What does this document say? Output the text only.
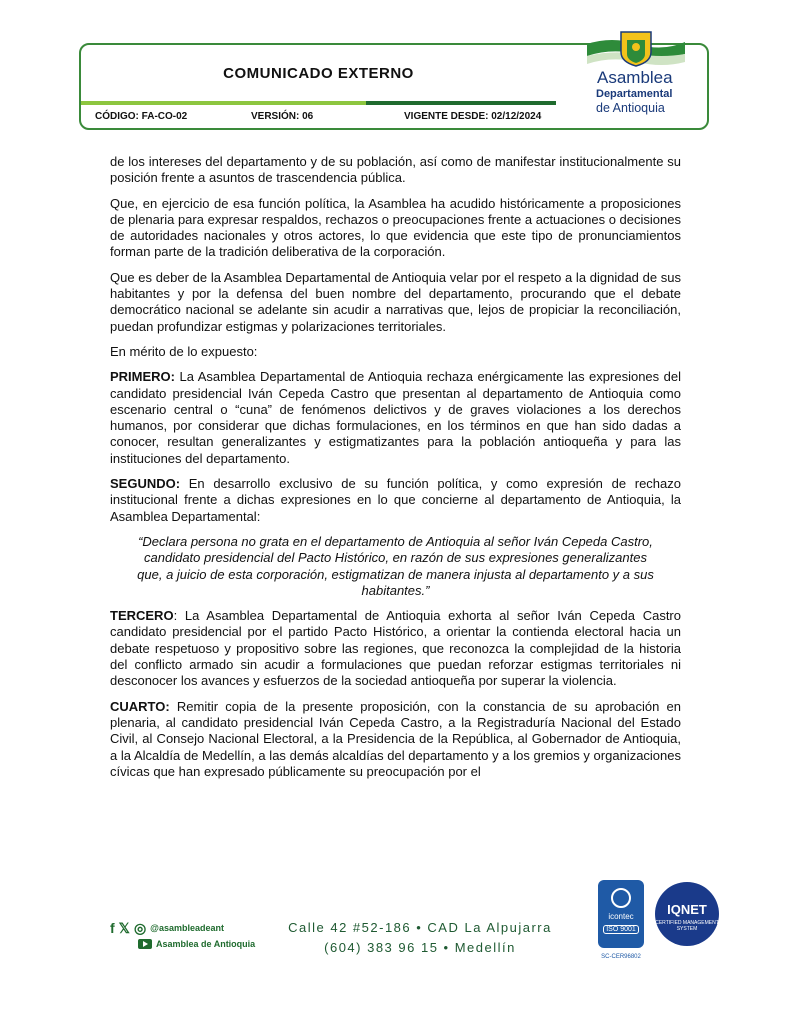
COMUNICADO EXTERNO
CÓDIGO: FA-CO-02	VERSIÓN: 06	VIGENTE DESDE: 02/12/2024
Asamblea
Departamental
de Antioquia

de los intereses del departamento y de su población, así como de manifestar institucionalmente su posición frente a asuntos de trascendencia pública.

Que, en ejercicio de esa función política, la Asamblea ha acudido históricamente a proposiciones de plenaria para expresar respaldos, rechazos o preocupaciones frente a actuaciones o decisiones de autoridades nacionales y otros actores, lo que evidencia que este tipo de pronunciamientos forman parte de la tradición deliberativa de la corporación.

Que es deber de la Asamblea Departamental de Antioquia velar por el respeto a la dignidad de sus habitantes y por la defensa del buen nombre del departamento, procurando que el debate democrático nacional se adelante sin acudir a narrativas que, lejos de propiciar la reconciliación, puedan profundizar estigmas y polarizaciones territoriales.

En mérito de lo expuesto:

PRIMERO: La Asamblea Departamental de Antioquia rechaza enérgicamente las expresiones del candidato presidencial Iván Cepeda Castro que presentan al departamento de Antioquia como escenario central o “cuna” de fenómenos delictivos y de graves violaciones a los derechos humanos, por considerar que dichas formulaciones, en los términos en que han sido dadas a conocer, resultan generalizantes y estigmatizantes para la población antioqueña y para las instituciones del departamento.

SEGUNDO: En desarrollo exclusivo de su función política, y como expresión de rechazo institucional frente a dichas expresiones en lo que concierne al departamento de Antioquia, la Asamblea Departamental:

“Declara persona no grata en el departamento de Antioquia al señor Iván Cepeda Castro, candidato presidencial del Pacto Histórico, en razón de sus expresiones generalizantes que, a juicio de esta corporación, estigmatizan de manera injusta al departamento y a sus habitantes.”

TERCERO: La Asamblea Departamental de Antioquia exhorta al señor Iván Cepeda Castro candidato presidencial por el partido Pacto Histórico, a orientar la contienda electoral hacia un debate respetuoso y propositivo sobre las regiones, que reconozca la complejidad de la historia del conflicto armado sin acudir a formulaciones que puedan reforzar estigmas territoriales ni desconocer los avances y esfuerzos de la sociedad antioqueña por superar la violencia.

CUARTO: Remitir copia de la presente proposición, con la constancia de su aprobación en plenaria, al candidato presidencial Iván Cepeda Castro, a la Registraduría Nacional del Estado Civil, al Consejo Nacional Electoral, a la Presidencia de la República, al Gobernador de Antioquia, a la Alcaldía de Medellín, a las demás alcaldías del departamento y a los gremios y organizaciones cívicas que han expresado públicamente su preocupación por el

f 𝕏 ◎ @asambleadeant
Asamblea de Antioquia
Calle 42 #52-186 • CAD La Alpujarra
(604) 383 96 15 • Medellín
icontec
ISO 9001
SC-CER96802
IQNET
CERTIFIED MANAGEMENT SYSTEM
